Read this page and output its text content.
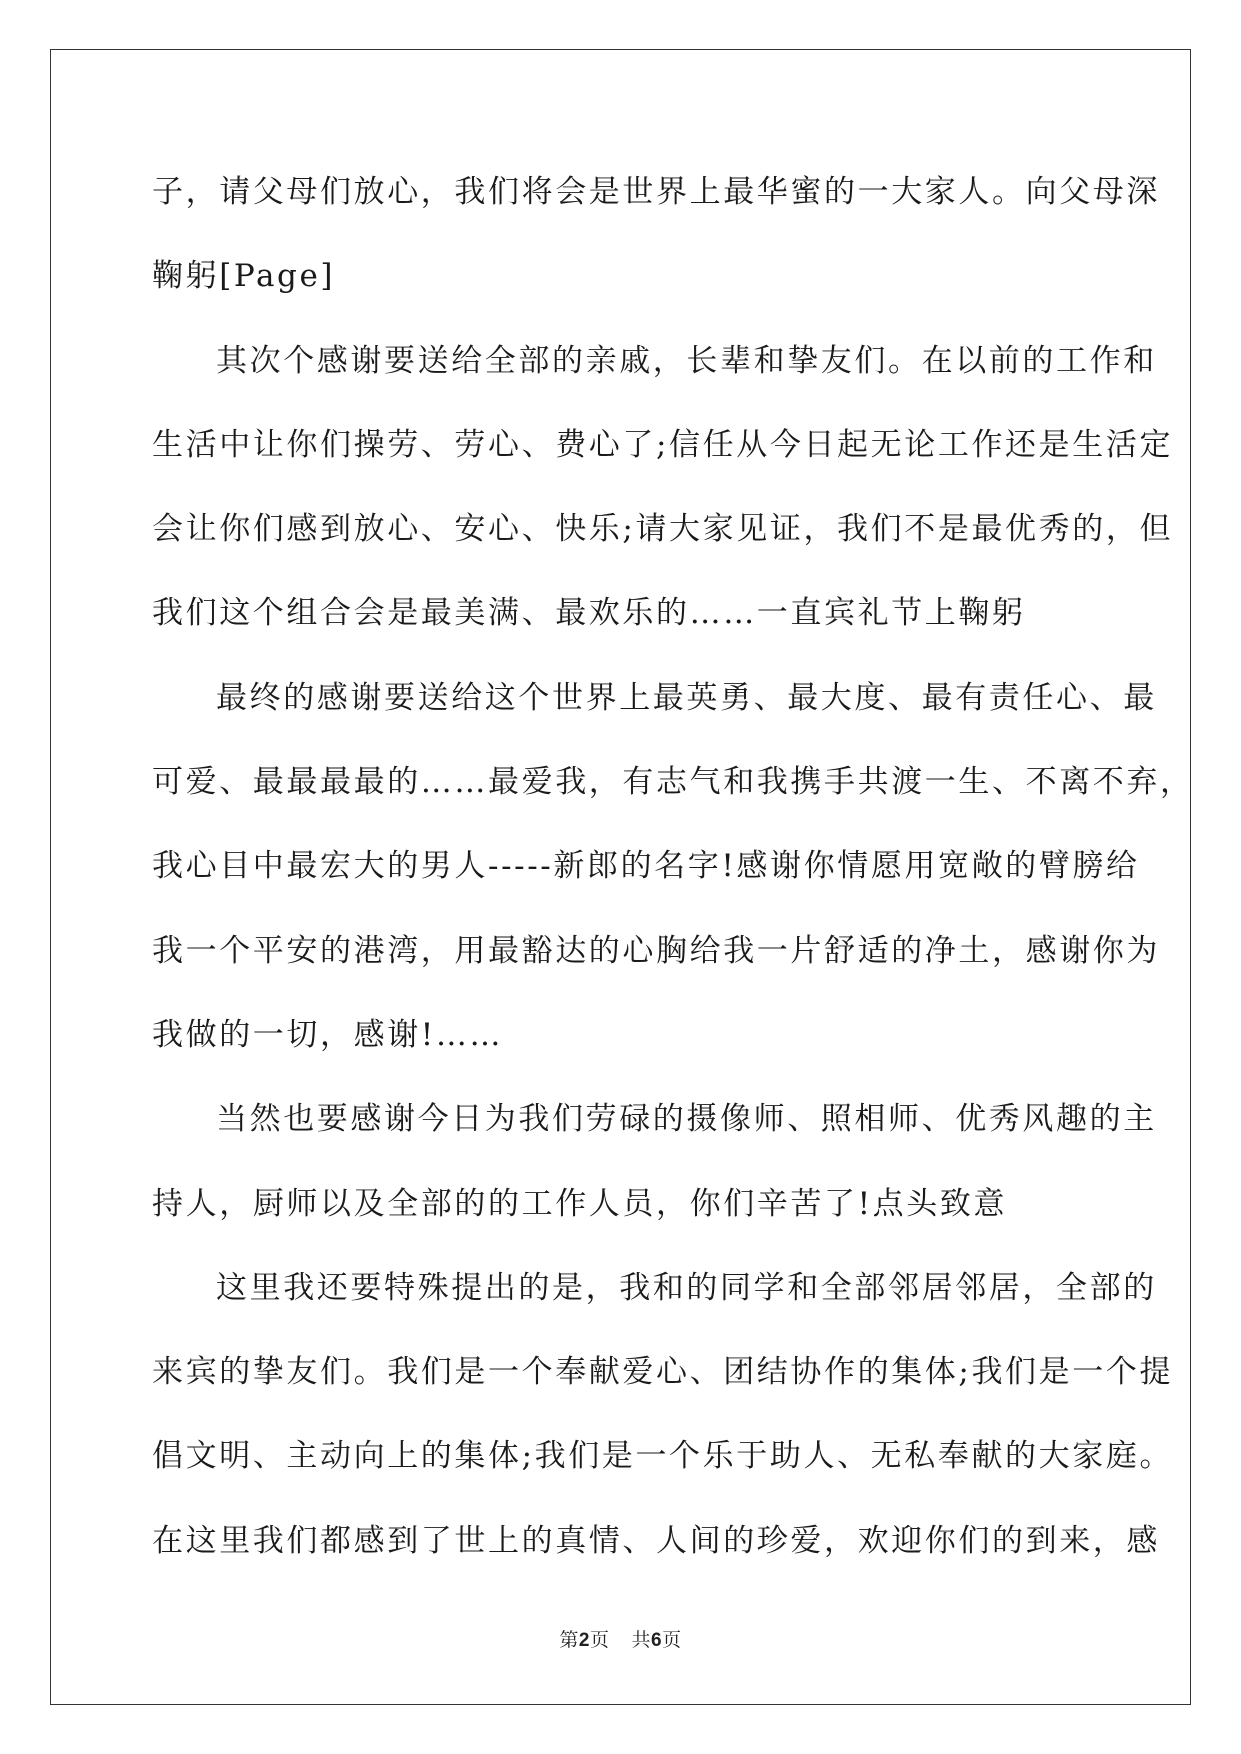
子，请父母们放心，我们将会是世界上最华蜜的一大家人。向父母深
鞠躬[Page]
其次个感谢要送给全部的亲戚，长辈和挚友们。在以前的工作和
生活中让你们操劳、劳心、费心了;信任从今日起无论工作还是生活定
会让你们感到放心、安心、快乐;请大家见证，我们不是最优秀的，但
我们这个组合会是最美满、最欢乐的……一直宾礼节上鞠躬
最终的感谢要送给这个世界上最英勇、最大度、最有责任心、最
可爱、最最最最的……最爱我，有志气和我携手共渡一生、不离不弃，
我心目中最宏大的男人-----新郎的名字!感谢你情愿用宽敞的臂膀给
我一个平安的港湾，用最豁达的心胸给我一片舒适的净土，感谢你为
我做的一切，感谢!……
当然也要感谢今日为我们劳碌的摄像师、照相师、优秀风趣的主
持人，厨师以及全部的的工作人员，你们辛苦了!点头致意
这里我还要特殊提出的是，我和的同学和全部邻居邻居，全部的
来宾的挚友们。我们是一个奉献爱心、团结协作的集体;我们是一个提
倡文明、主动向上的集体;我们是一个乐于助人、无私奉献的大家庭。
在这里我们都感到了世上的真情、人间的珍爱，欢迎你们的到来，感
第2页 共6页
